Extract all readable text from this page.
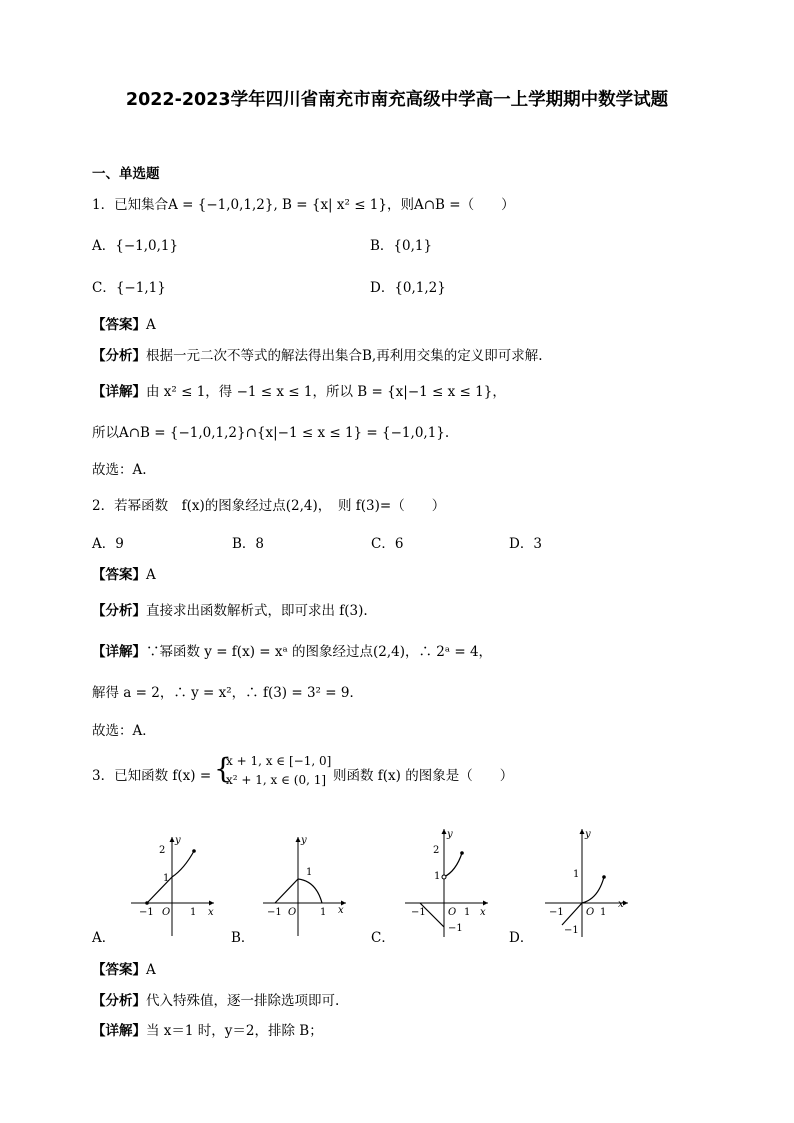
2022-2023学年四川省南充市南充高级中学高一上学期期中数学试题
一、单选题
1．已知集合A = {−1,0,1,2}, B = {x| x² ≤ 1}，则A∩B =（　　）
A．{−1,0,1}	B．{0,1}
C．{−1,1}	D．{0,1,2}
【答案】A
【分析】根据一元二次不等式的解法得出集合B,再利用交集的定义即可求解.
【详解】由 x² ≤ 1，得 −1 ≤ x ≤ 1，所以 B = {x|−1 ≤ x ≤ 1}，
所以A∩B = {−1,0,1,2}∩{x|−1 ≤ x ≤ 1} = {−1,0,1}.
故选：A.
2．若幂函数　f(x)的图象经过点(2,4)，　则 f(3)=（　　）
A．9	B．8	C．6	D．3
【答案】A
【分析】直接求出函数解析式，即可求出 f(3).
【详解】∵幂函数 y = f(x) = xᵃ 的图象经过点(2,4)，∴ 2ᵃ = 4，
解得 a = 2，∴ y = x²，∴ f(3) = 3² = 9．
故选：A．
3．已知函数 f(x) = {
x + 1, x ∈ [−1, 0]
x² + 1, x ∈ (0, 1] 则函数 f(x) 的图象是（　　）
y
x
2
1
−1 O 1
A．
y
x
1
−1 O 1
B．
y
x
2
1
−1 O 1
−1
C．
y
x
1
−1 O 1
−1
D．
【答案】A
【分析】代入特殊值，逐一排除选项即可.
【详解】当 x＝1 时，y＝2，排除 B；
